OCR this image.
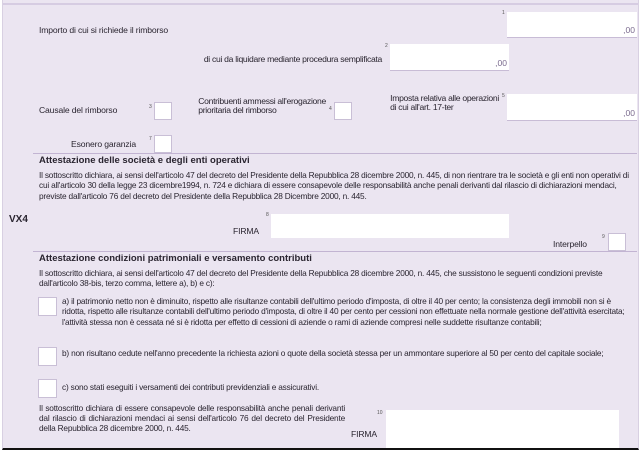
Importo di cui si richiede il rimborso
1
,00
di cui da liquidare mediante procedura semplificata
2
,00
Causale del rimborso	3
Contribuenti ammessi all'erogazione
prioritaria del rimborso	4
Imposta relativa alle operazioni
di cui all'art. 17-ter
5
,00
Esonero garanzia	7
Attestazione delle società e degli enti operativi
Il sottoscritto dichiara, ai sensi dell'articolo 47 del decreto del Presidente della Repubblica 28 dicembre 2000, n. 445, di non rientrare tra le società e gli enti non operativi di cui all'articolo 30 della legge 23 dicembre1994, n. 724 e dichiara di essere consapevole delle responsabilità anche penali derivanti dal rilascio di dichiarazioni mendaci, previste dall'articolo 76 del decreto del Presidente della Repubblica 28 Dicembre 2000, n. 445.
VX4
FIRMA
8
Interpello
9
Attestazione condizioni patrimoniali e versamento contributi
Il sottoscritto dichiara, ai sensi dell'articolo 47 del decreto del Presidente della Repubblica 28 dicembre 2000, n. 445, che sussistono le seguenti condizioni previste dall'articolo 38-bis, terzo comma, lettere a), b) e c):
a) il patrimonio netto non è diminuito, rispetto alle risultanze contabili dell'ultimo periodo d'imposta, di oltre il 40 per cento; la consistenza degli immobili non si è ridotta, rispetto alle risultanze contabili dell'ultimo periodo d'imposta, di oltre il 40 per cento per cessioni non effettuate nella normale gestione dell'attività esercitata; l'attività stessa non è cessata né si è ridotta per effetto di cessioni di aziende o rami di aziende compresi nelle suddette risultanze contabili;
b) non risultano cedute nell'anno precedente la richiesta azioni o quote della società stessa per un ammontare superiore al 50 per cento del capitale sociale;
c) sono stati eseguiti i versamenti dei contributi previdenziali e assicurativi.
Il sottoscritto dichiara di essere consapevole delle responsabilità anche penali derivanti dal rilascio di dichiarazioni mendaci ai sensi dell'articolo 76 del decreto del Presidente della Repubblica 28 dicembre 2000, n. 445.
FIRMA
10
